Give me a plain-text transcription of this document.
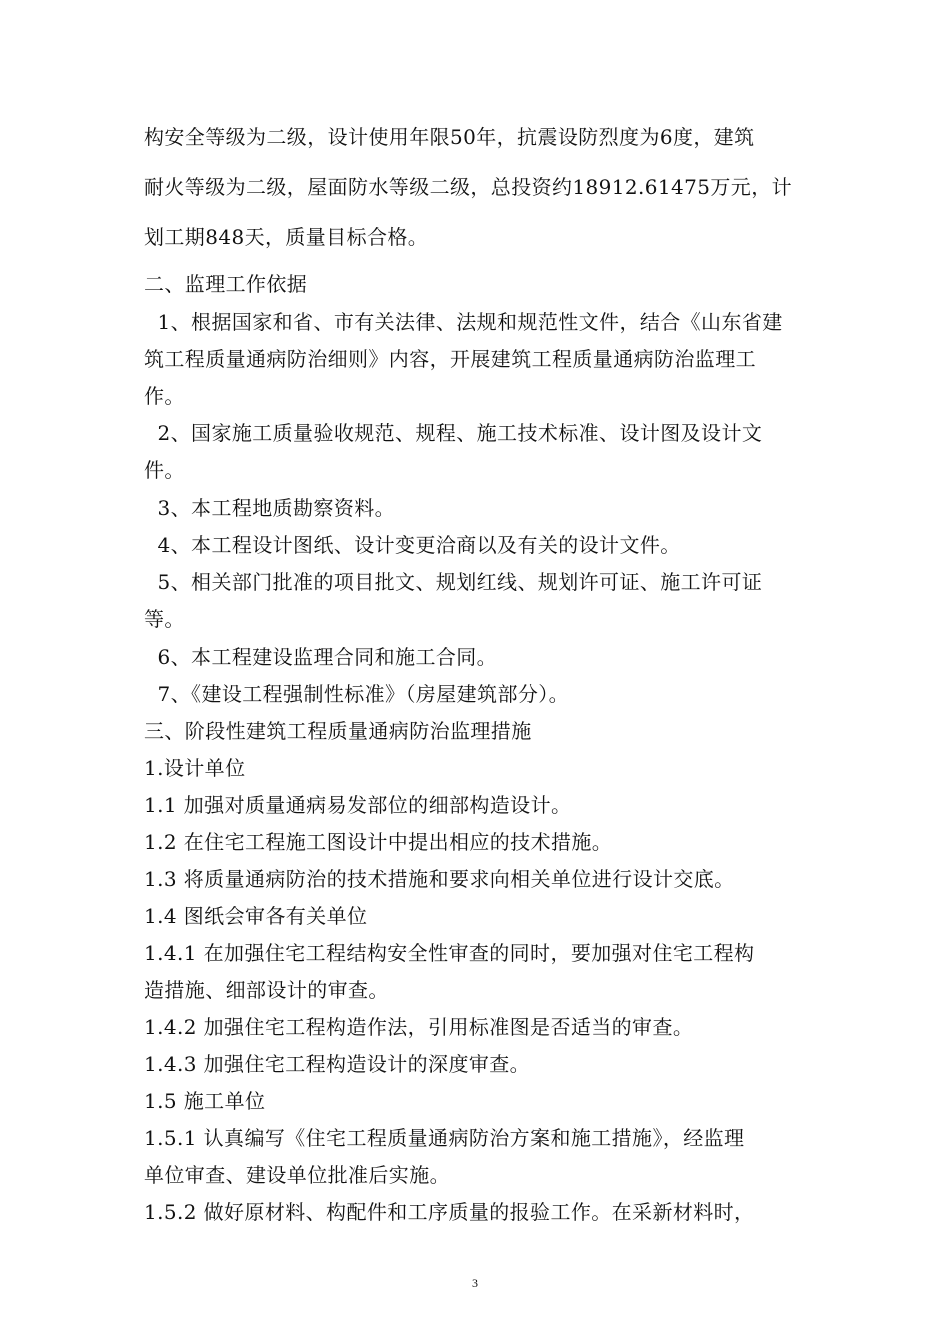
构安全等级为二级，设计使用年限50年，抗震设防烈度为6度，建筑
耐火等级为二级，屋面防水等级二级，总投资约18912.61475万元，计
划工期848天，质量目标合格。
二、监理工作依据
1、根据国家和省、市有关法律、法规和规范性文件，结合《山东省建
筑工程质量通病防治细则》内容，开展建筑工程质量通病防治监理工
作。
2、国家施工质量验收规范、规程、施工技术标准、设计图及设计文
件。
3、本工程地质勘察资料。
4、本工程设计图纸、设计变更洽商以及有关的设计文件。
5、相关部门批准的项目批文、规划红线、规划许可证、施工许可证
等。
6、本工程建设监理合同和施工合同。
7、《建设工程强制性标准》（房屋建筑部分）。
三、阶段性建筑工程质量通病防治监理措施
1.设计单位
1.1 加强对质量通病易发部位的细部构造设计。
1.2 在住宅工程施工图设计中提出相应的技术措施。
1.3 将质量通病防治的技术措施和要求向相关单位进行设计交底。
1.4 图纸会审各有关单位
1.4.1 在加强住宅工程结构安全性审查的同时，要加强对住宅工程构
造措施、细部设计的审查。
1.4.2 加强住宅工程构造作法，引用标准图是否适当的审查。
1.4.3 加强住宅工程构造设计的深度审查。
1.5 施工单位
1.5.1 认真编写《住宅工程质量通病防治方案和施工措施》，经监理
单位审查、建设单位批准后实施。
1.5.2 做好原材料、构配件和工序质量的报验工作。在采新材料时，
3
